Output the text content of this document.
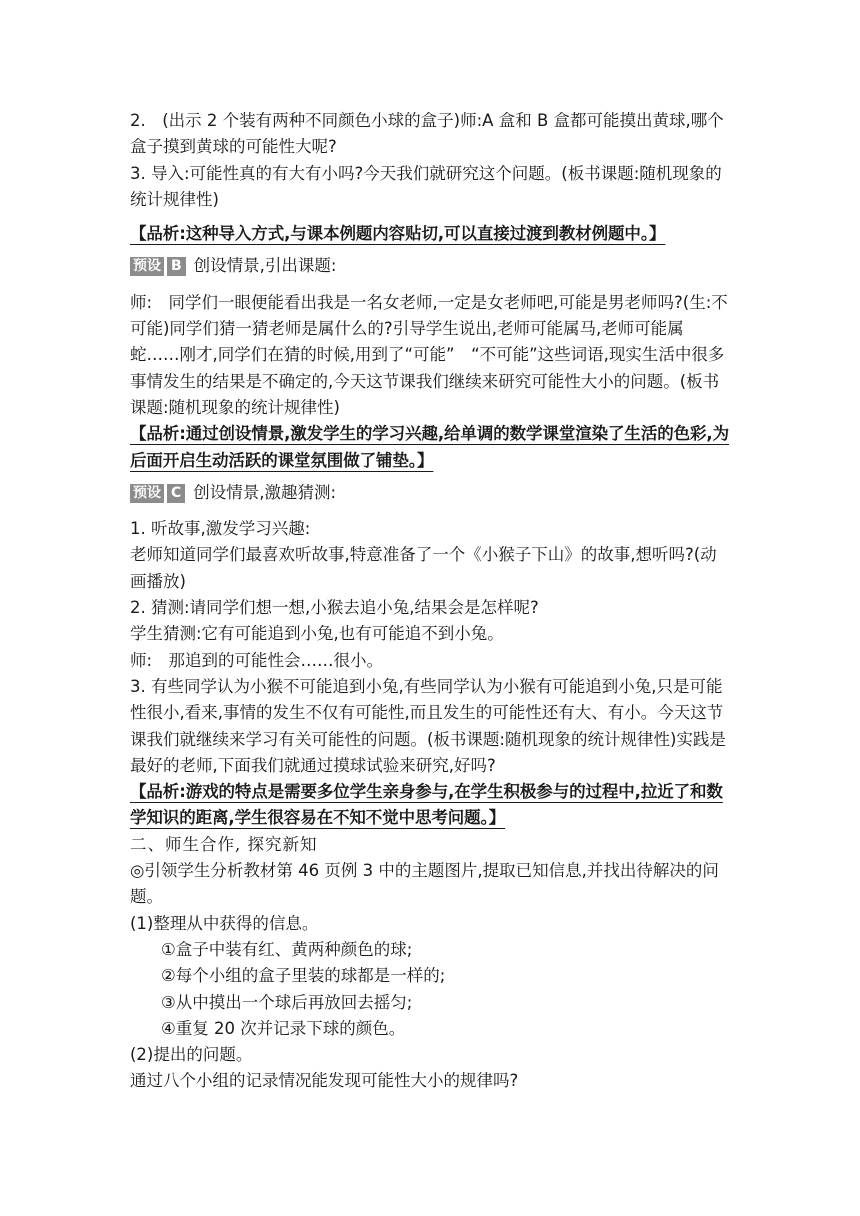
2.　(出示 2 个装有两种不同颜色小球的盒子)师:A 盒和 B 盒都可能摸出黄球,哪个盒子摸到黄球的可能性大呢?

3. 导入:可能性真的有大有小吗?今天我们就研究这个问题。(板书课题:随机现象的统计规律性)

【品析:这种导入方式,与课本例题内容贴切,可以直接过渡到教材例题中。】

预设 B 创设情景,引出课题:

师:　同学们一眼便能看出我是一名女老师,一定是女老师吧,可能是男老师吗?(生:不可能)同学们猜一猜老师是属什么的?引导学生说出,老师可能属马,老师可能属蛇……刚才,同学们在猜的时候,用到了“可能”　“不可能”这些词语,现实生活中很多事情发生的结果是不确定的,今天这节课我们继续来研究可能性大小的问题。(板书课题:随机现象的统计规律性)

【品析:通过创设情景,激发学生的学习兴趣,给单调的数学课堂渲染了生活的色彩,为后面开启生动活跃的课堂氛围做了铺垫。】

预设 C 创设情景,激趣猜测:

1. 听故事,激发学习兴趣:

老师知道同学们最喜欢听故事,特意准备了一个《小猴子下山》的故事,想听吗?(动画播放)

2. 猜测:请同学们想一想,小猴去追小兔,结果会是怎样呢?

学生猜测:它有可能追到小兔,也有可能追不到小兔。

师:　那追到的可能性会……很小。

3. 有些同学认为小猴不可能追到小兔,有些同学认为小猴有可能追到小兔,只是可能性很小,看来,事情的发生不仅有可能性,而且发生的可能性还有大、有小。今天这节课我们就继续来学习有关可能性的问题。(板书课题:随机现象的统计规律性)实践是最好的老师,下面我们就通过摸球试验来研究,好吗?

【品析:游戏的特点是需要多位学生亲身参与,在学生积极参与的过程中,拉近了和数学知识的距离,学生很容易在不知不觉中思考问题。】

二、师生合作, 探究新知

◎引领学生分析教材第 46 页例 3 中的主题图片,提取已知信息,并找出待解决的问题。

(1)整理从中获得的信息。

①盒子中装有红、黄两种颜色的球;

②每个小组的盒子里装的球都是一样的;

③从中摸出一个球后再放回去摇匀;

④重复 20 次并记录下球的颜色。

(2)提出的问题。

通过八个小组的记录情况能发现可能性大小的规律吗?
